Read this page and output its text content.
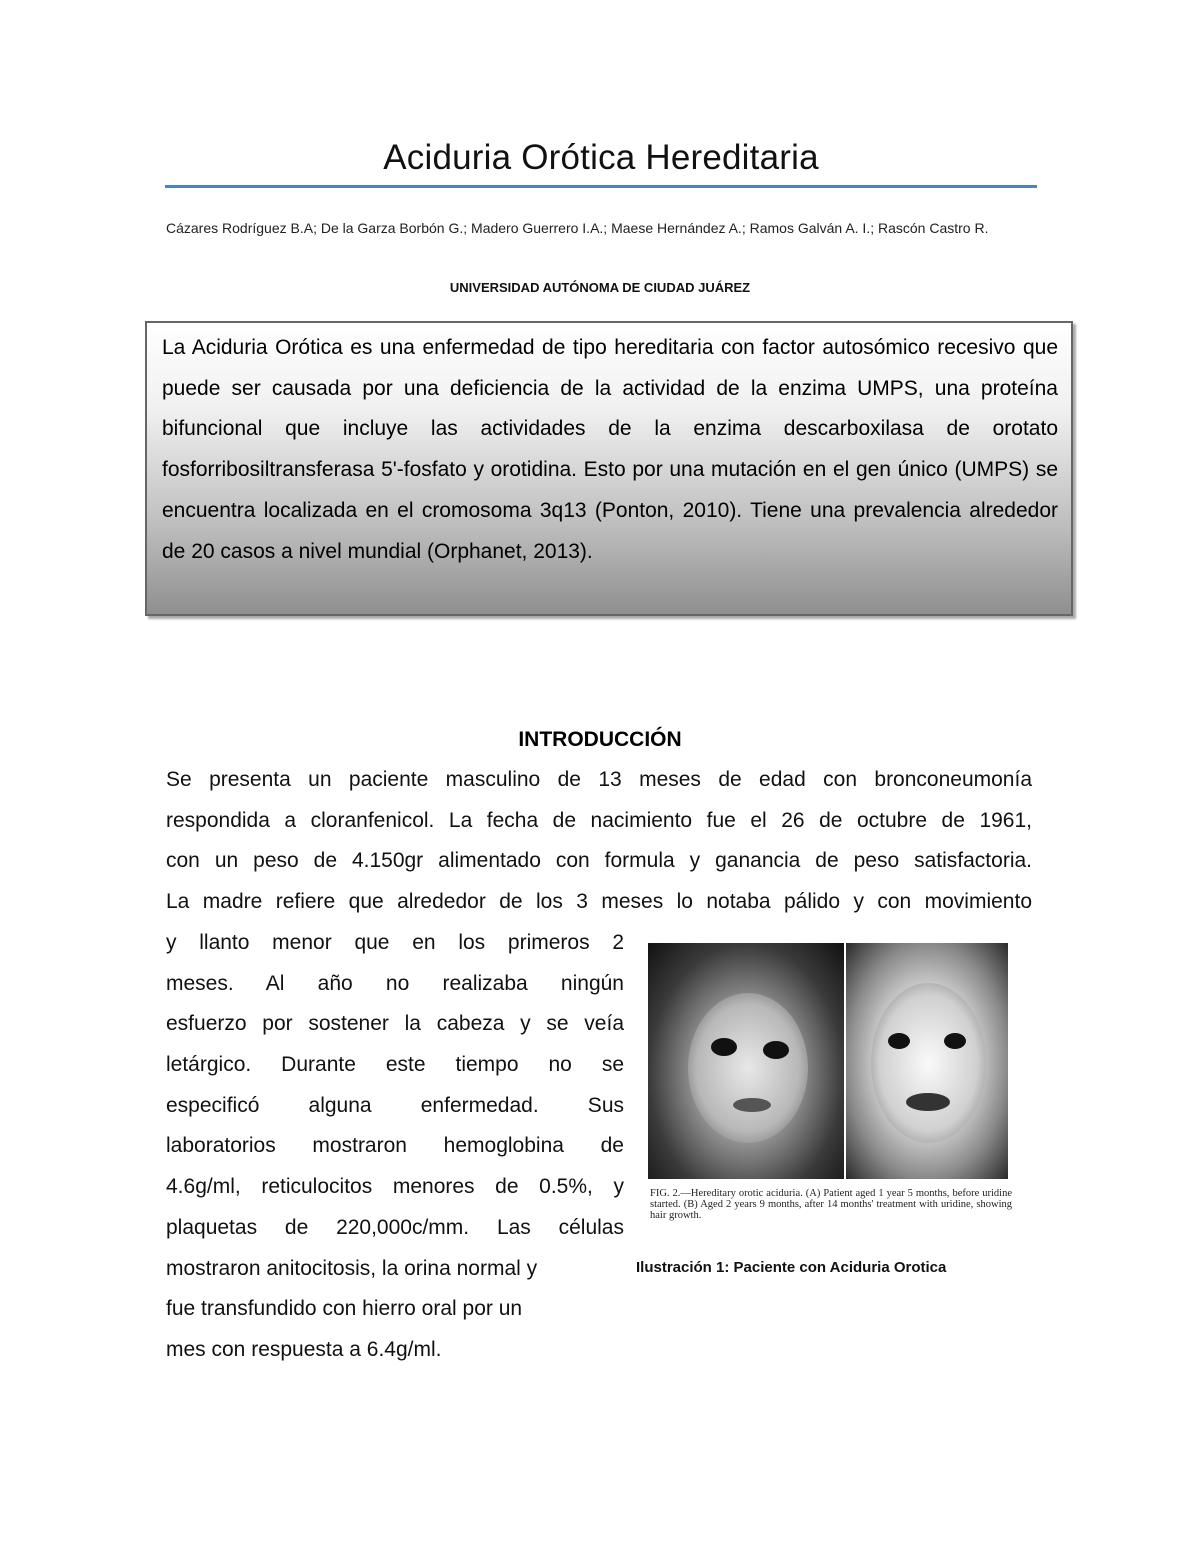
Aciduria Orótica Hereditaria
Cázares Rodríguez B.A; De la Garza Borbón G.; Madero Guerrero I.A.; Maese Hernández A.; Ramos Galván A. I.; Rascón Castro R.
UNIVERSIDAD AUTÓNOMA DE CIUDAD JUÁREZ
La Aciduria Orótica es una enfermedad de tipo hereditaria con factor autosómico recesivo que puede ser causada por una deficiencia de la actividad de la enzima UMPS, una proteína bifuncional que incluye las actividades de la enzima descarboxilasa de orotato fosforribosiltransferasa 5'-fosfato y orotidina. Esto por una mutación en el gen único (UMPS) se encuentra localizada en el cromosoma 3q13 (Ponton, 2010). Tiene una prevalencia alrededor de 20 casos a nivel mundial (Orphanet, 2013).
INTRODUCCIÓN
Se presenta un paciente masculino de 13 meses de edad con bronconeumonía
respondida a cloranfenicol. La fecha de nacimiento fue el 26 de octubre de 1961,
con un peso de 4.150gr alimentado con formula y ganancia de peso satisfactoria.
La madre refiere que alrededor de los 3 meses lo notaba pálido y con movimiento
y llanto menor que en los primeros 2
meses. Al año no realizaba ningún
esfuerzo por sostener la cabeza y se veía
letárgico. Durante este tiempo no se
especificó alguna enfermedad. Sus
laboratorios mostraron hemoglobina de
4.6g/ml, reticulocitos menores de 0.5%, y
plaquetas de 220,000c/mm. Las células
mostraron anitocitosis, la orina normal y
fue transfundido con hierro oral por un
mes con respuesta a 6.4g/ml.
FIG. 2.—Hereditary orotic aciduria. (A) Patient aged 1 year 5 months, before uridine started. (B) Aged 2 years 9 months, after 14 months' treatment with uridine, showing hair growth.
Ilustración 1: Paciente con Aciduria Orotica
